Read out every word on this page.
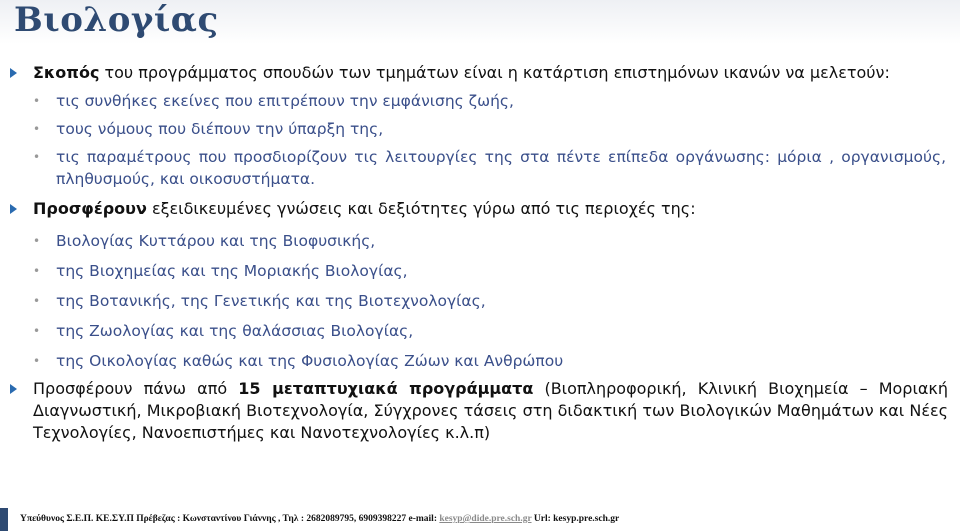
Βιολογίας
Σκοπός του προγράμματος σπουδών των τμημάτων είναι η κατάρτιση επιστημόνων ικανών να μελετούν:
• τις συνθήκες εκείνες που επιτρέπουν την εμφάνισης ζωής,
• τους νόμους που διέπουν την ύπαρξη της,
• τις παραμέτρους που προσδιορίζουν τις λειτουργίες της στα πέντε επίπεδα οργάνωσης: μόρια , οργανισμούς, πληθυσμούς, και οικοσυστήματα.
Προσφέρουν εξειδικευμένες γνώσεις και δεξιότητες γύρω από τις περιοχές της:
• Βιολογίας Κυττάρου και της Βιοφυσικής,
• της Βιοχημείας και της Μοριακής Βιολογίας,
• της Βοτανικής, της Γενετικής και της Βιοτεχνολογίας,
• της Ζωολογίας και της θαλάσσιας Βιολογίας,
• της Οικολογίας καθώς και της Φυσιολογίας Ζώων και Ανθρώπου
Προσφέρουν πάνω από 15 μεταπτυχιακά προγράμματα (Βιοπληροφορική, Κλινική Βιοχημεία – Μοριακή Διαγνωστική, Μικροβιακή Βιοτεχνολογία, Σύγχρονες τάσεις στη διδακτική των Βιολογικών Μαθημάτων και Νέες Τεχνολογίες, Νανοεπιστήμες και Νανοτεχνολογίες κ.λ.π)
Υπεύθυνος Σ.Ε.Π. ΚΕ.ΣΥ.Π Πρέβεζας : Κωνσταντίνου Γιάννης , Τηλ : 2682089795, 6909398227 e-mail: kesyp@dide.pre.sch.gr Url: kesyp.pre.sch.gr
